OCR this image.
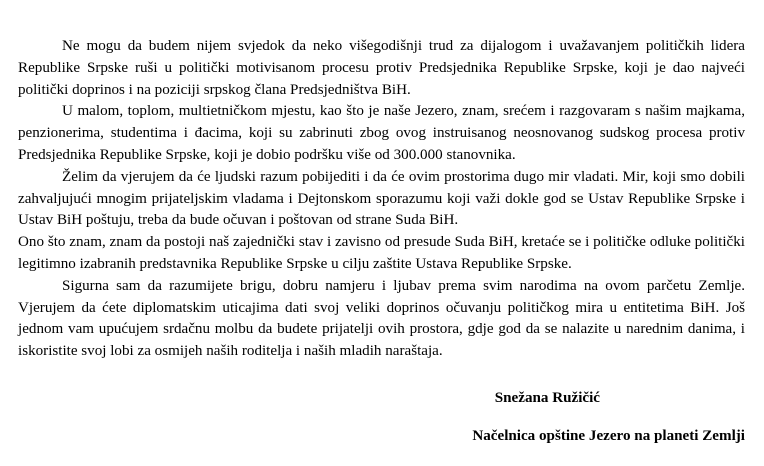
Ne mogu da budem nijem svjedok da neko višegodišnji trud za dijalogom i uvažavanjem političkih lidera Republike Srpske ruši u politički motivisanom procesu protiv Predsjednika Republike Srpske, koji je dao najveći politički doprinos i na poziciji srpskog člana Predsjedništva BiH.

U malom, toplom, multietničkom mjestu, kao što je naše Jezero, znam, srećem i razgovaram s našim majkama, penzionerima, studentima i đacima, koji su zabrinuti zbog ovog instruisanog neosnovanog sudskog procesa protiv Predsjednika Republike Srpske, koji je dobio podršku više od 300.000 stanovnika.

Želim da vjerujem da će ljudski razum pobijediti i da će ovim prostorima dugo mir vladati. Mir, koji smo dobili zahvaljujući mnogim prijateljskim vladama i Dejtonskom sporazumu koji važi dokle god se Ustav Republike Srpske i Ustav BiH poštuju, treba da bude očuvan i poštovan od strane Suda BiH.

Ono što znam, znam da postoji naš zajednički stav i zavisno od presude Suda BiH, kretaće se i političke odluke politički legitimno izabranih predstavnika Republike Srpske u cilju zaštite Ustava Republike Srpske.

Sigurna sam da razumijete brigu, dobru namjeru i ljubav prema svim narodima na ovom parčetu Zemlje. Vjerujem da ćete diplomatskim uticajima dati svoj veliki doprinos očuvanju političkog mira u entitetima BiH. Još jednom vam upućujem srdačnu molbu da budete prijatelji ovih prostora, gdje god da se nalazite u narednim danima, i iskoristite svoj lobi za osmijeh naših roditelja i naših mladih naraštaja.

Snežana Ružičić

Načelnica opštine Jezero na planeti Zemlji
